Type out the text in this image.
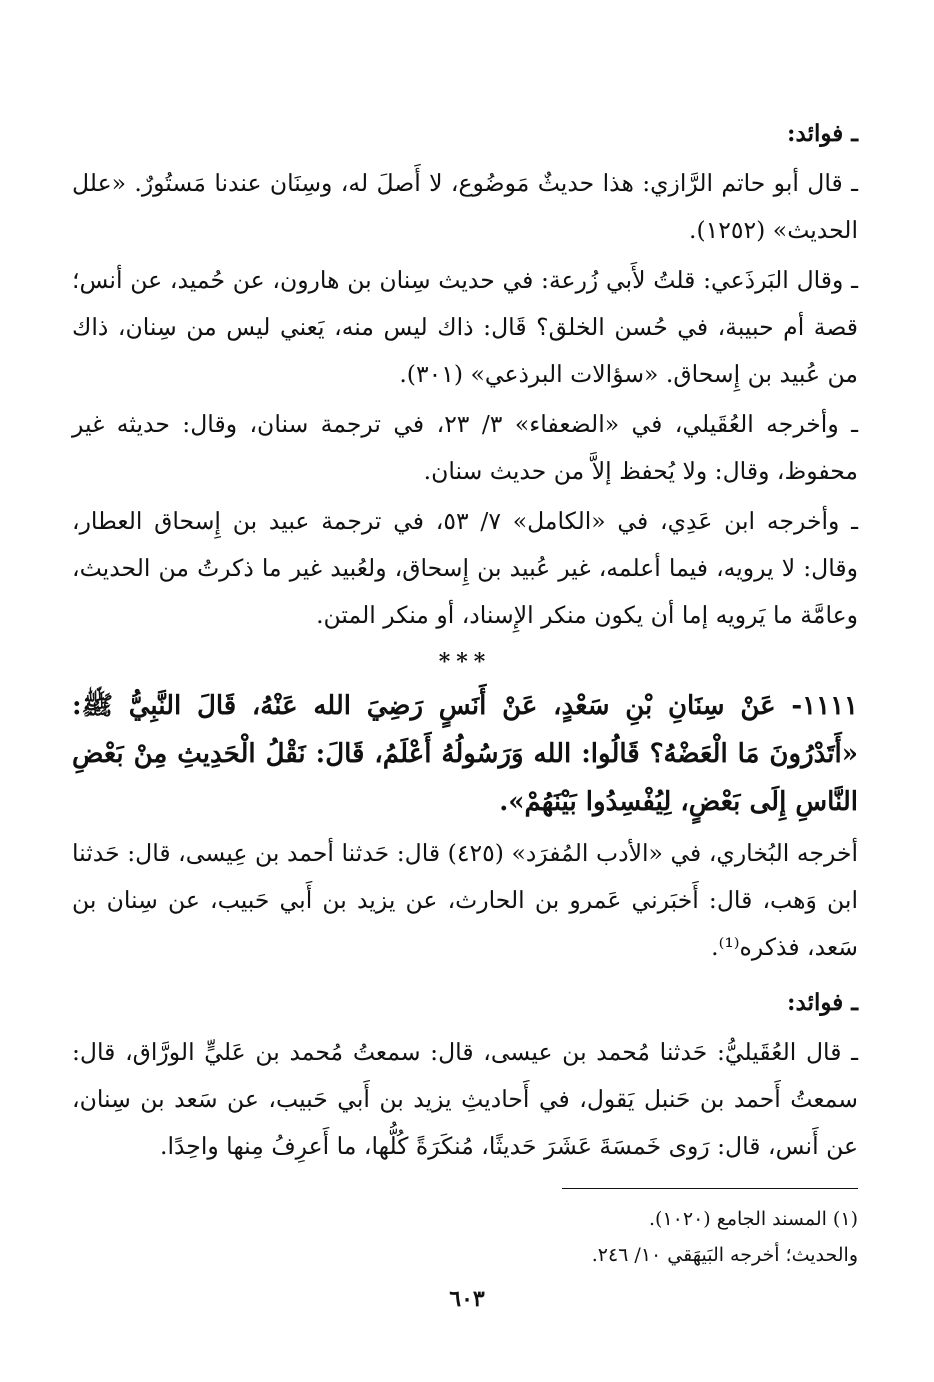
ـ فوائد:

ـ قال أبو حاتم الرَّازي: هذا حديثٌ مَوضُوع، لا أَصلَ له، وسِنَان عندنا مَستُورٌ. «علل الحديث» (١٢٥٢).

ـ وقال البَرذَعي: قلتُ لأَبي زُرعة: في حديث سِنان بن هارون، عن حُميد، عن أنس؛ قصة أم حبيبة، في حُسن الخلق؟ قَال: ذاك ليس منه، يَعني ليس من سِنان، ذاك من عُبيد بن إِسحاق. «سؤالات البرذعي» (٣٠١).

ـ وأخرجه العُقَيلي، في «الضعفاء» ٣/ ٢٣، في ترجمة سنان، وقال: حديثه غير محفوظ، وقال: ولا يُحفظ إلاَّ من حديث سنان.

ـ وأخرجه ابن عَدِي، في «الكامل» ٧/ ٥٣، في ترجمة عبيد بن إِسحاق العطار، وقال: لا يرويه، فيما أعلمه، غير عُبيد بن إِسحاق، ولعُبيد غير ما ذكرتُ من الحديث، وعامَّة ما يَرويه إما أن يكون منكر الإِسناد، أو منكر المتن.

***

١١١١- عَنْ سِنَانِ بْنِ سَعْدٍ، عَنْ أَنَسٍ رَضِيَ الله عَنْهُ، قَالَ النَّبِيُّ ﷺ: «أَتَدْرُونَ مَا الْعَضْهُ؟ قَالُوا: الله وَرَسُولُهُ أَعْلَمُ، قَالَ: نَقْلُ الْحَدِيثِ مِنْ بَعْضِ النَّاسِ إِلَى بَعْضٍ، لِيُفْسِدُوا بَيْنَهُمْ».

أخرجه البُخاري، في «الأدب المُفرَد» (٤٢٥) قال: حَدثنا أحمد بن عِيسى، قال: حَدثنا ابن وَهب، قال: أَخبَرني عَمرو بن الحارث، عن يزيد بن أَبي حَبيب، عن سِنان بن سَعد، فذكره⁽¹⁾.

ـ فوائد:

ـ قال العُقَيليُّ: حَدثنا مُحمد بن عيسى، قال: سمعتُ مُحمد بن عَليٍّ الورَّاق، قال: سمعتُ أَحمد بن حَنبل يَقول، في أَحاديثِ يزيد بن أَبي حَبيب، عن سَعد بن سِنان، عن أَنس، قال: رَوى خَمسَةَ عَشَرَ حَديثًا، مُنكَرَةً كُلُّها، ما أَعرِفُ مِنها واحِدًا.

(١) المسند الجامع (١٠٢٠).

والحديث؛ أخرجه البَيهَقي ١٠/ ٢٤٦.

٦٠٣
